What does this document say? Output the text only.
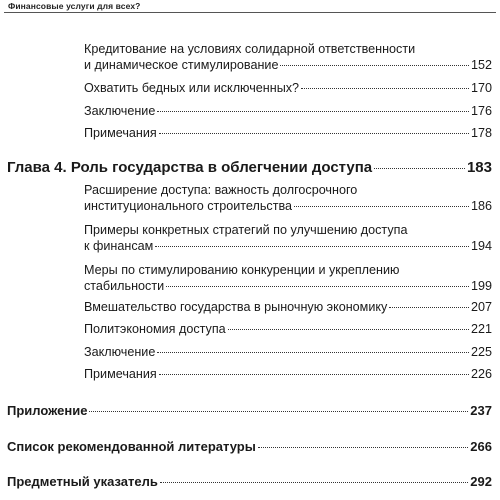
Финансовые услуги для всех?
Кредитование на условиях солидарной ответственности
и динамическое стимулирование	152
Охватить бедных или исключенных?	170
Заключение	176
Примечания	178
Глава 4. Роль государства в облегчении доступа	183
Расширение доступа: важность долгосрочного
институционального строительства	186
Примеры конкретных стратегий по улучшению доступа
к финансам	194
Меры по стимулированию конкуренции и укреплению
стабильности	199
Вмешательство государства в рыночную экономику	207
Политэкономия доступа	221
Заключение	225
Примечания	226
Приложение	237
Список рекомендованной литературы	266
Предметный указатель	292
